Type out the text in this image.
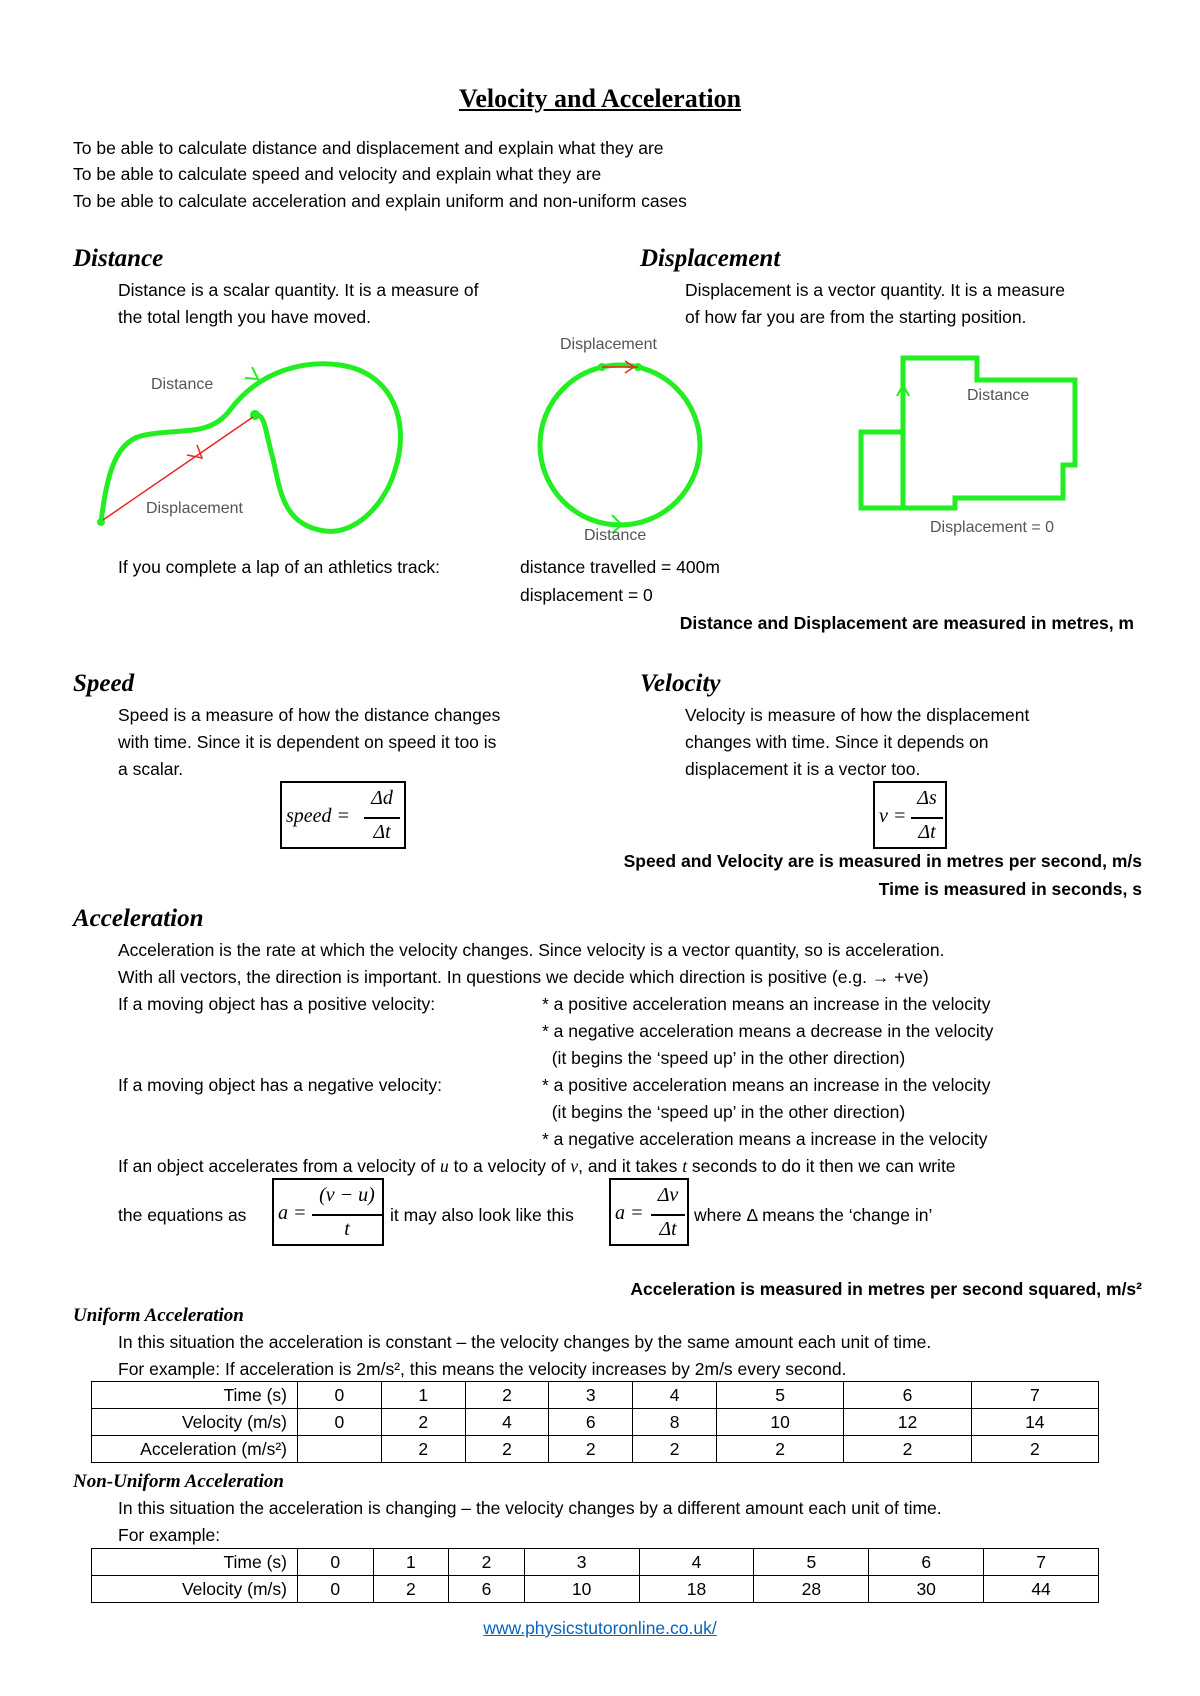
Velocity and Acceleration
To be able to calculate distance and displacement and explain what they are
To be able to calculate speed and velocity and explain what they are
To be able to calculate acceleration and explain uniform and non-uniform cases
Distance
Distance is a scalar quantity. It is a measure of
the total length you have moved.
Displacement
Displacement is a vector quantity. It is a measure
of how far you are from the starting position.
Distance
Displacement
Displacement
Distance
Distance
Displacement = 0
If you complete a lap of an athletics track:	distance travelled = 400m
displacement = 0
Distance and Displacement are measured in metres, m
Speed
Speed is a measure of how the distance changes
with time. Since it is dependent on speed it too is
a scalar.
speed =
Δd
Δt
Velocity
Velocity is measure of how the displacement
changes with time. Since it depends on
displacement it is a vector too.
v =
Δs
Δt
Speed and Velocity are is measured in metres per second, m/s
Time is measured in seconds, s
Acceleration
Acceleration is the rate at which the velocity changes. Since velocity is a vector quantity, so is acceleration.
With all vectors, the direction is important. In questions we decide which direction is positive (e.g. → +ve)
If a moving object has a positive velocity:	* a positive acceleration means an increase in the velocity
* a negative acceleration means a decrease in the velocity
(it begins the ‘speed up’ in the other direction)
If a moving object has a negative velocity:	* a positive acceleration means an increase in the velocity
(it begins the ‘speed up’ in the other direction)
* a negative acceleration means a increase in the velocity
If an object accelerates from a velocity of u to a velocity of v, and it takes t seconds to do it then we can write
the equations as a =
(v − u)
t
it may also look like this a =
Δv
Δt
where Δ means the ‘change in’
Acceleration is measured in metres per second squared, m/s²
Uniform Acceleration
In this situation the acceleration is constant – the velocity changes by the same amount each unit of time.
For example: If acceleration is 2m/s², this means the velocity increases by 2m/s every second.
Time (s)	0	1	2	3	4	5	6	7
Velocity (m/s)	0	2	4	6	8	10	12	14
Acceleration (m/s²)		2	2	2	2	2	2	2
Non-Uniform Acceleration
In this situation the acceleration is changing – the velocity changes by a different amount each unit of time.
For example:
Time (s)	0	1	2	3	4	5	6	7
Velocity (m/s)	0	2	6	10	18	28	30	44
www.physicstutoronline.co.uk/
